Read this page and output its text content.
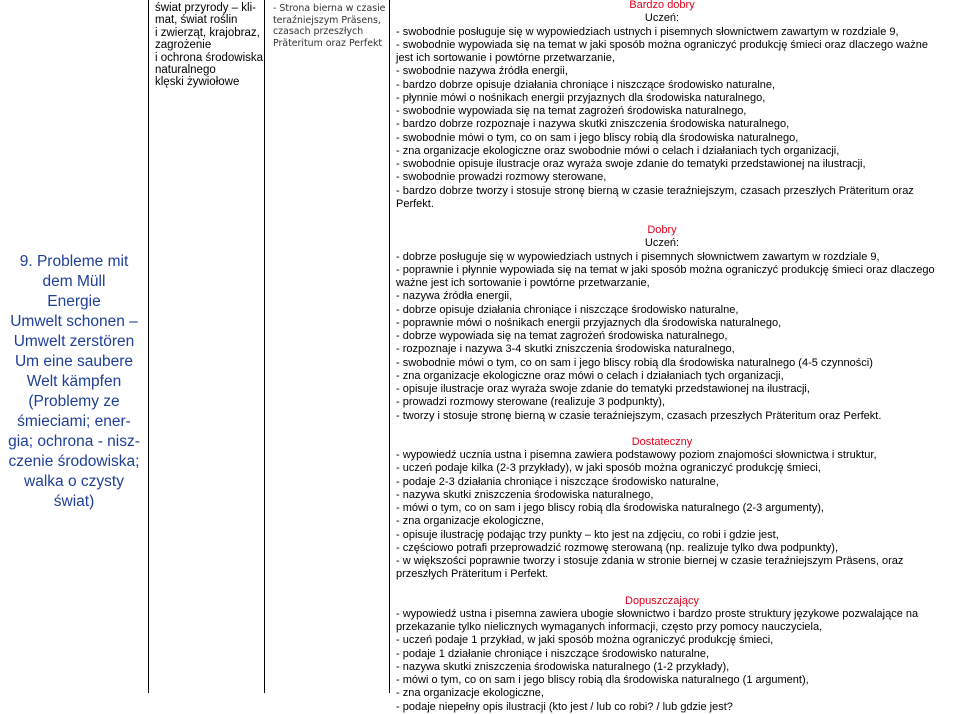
9. Probleme mit
dem Müll
Energie
Umwelt schonen –
Umwelt zerstören
Um eine saubere
Welt kämpfen
(Problemy ze
śmieciami; ener-
gia; ochrona - nisz-
czenie środowiska;
walka o czysty
świat)
świat przyrody – kli-
mat, świat roślin
i zwierząt, krajobraz,
zagrożenie
i ochrona środowiska
naturalnego
klęski żywiołowe
- Strona bierna w czasie
teraźniejszym Präsens,
czasach przeszłych
Präteritum oraz Perfekt
Bardzo dobry
Uczeń:
- swobodnie posługuje się w wypowiedziach ustnych i pisemnych słownictwem zawartym w rozdziale 9,
- swobodnie wypowiada się na temat w jaki sposób można ograniczyć produkcję śmieci oraz dlaczego ważne
jest ich sortowanie i powtórne przetwarzanie,
- swobodnie nazywa źródła energii,
- bardzo dobrze opisuje działania chroniące i niszczące środowisko naturalne,
- płynnie mówi o nośnikach energii przyjaznych dla środowiska naturalnego,
- swobodnie wypowiada się na temat zagrożeń środowiska naturalnego,
- bardzo dobrze rozpoznaje i nazywa skutki zniszczenia środowiska naturalnego,
- swobodnie mówi o tym, co on sam i jego bliscy robią dla środowiska naturalnego,
- zna organizacje ekologiczne oraz swobodnie mówi o celach i działaniach tych organizacji,
- swobodnie opisuje ilustracje oraz wyraża swoje zdanie do tematyki przedstawionej na ilustracji,
- swobodnie prowadzi rozmowy sterowane,
- bardzo dobrze tworzy i stosuje stronę bierną w czasie teraźniejszym, czasach przeszłych Präteritum oraz
Perfekt.
Dobry
Uczeń:
- dobrze posługuje się w wypowiedziach ustnych i pisemnych słownictwem zawartym w rozdziale 9,
- poprawnie i płynnie wypowiada się na temat w jaki sposób można ograniczyć produkcję śmieci oraz dlaczego
ważne jest ich sortowanie i powtórne przetwarzanie,
- nazywa źródła energii,
- dobrze opisuje działania chroniące i niszczące środowisko naturalne,
- poprawnie mówi o nośnikach energii przyjaznych dla środowiska naturalnego,
- dobrze wypowiada się na temat zagrożeń środowiska naturalnego,
- rozpoznaje i nazywa 3-4 skutki zniszczenia środowiska naturalnego,
- swobodnie mówi o tym, co on sam i jego bliscy robią dla środowiska naturalnego (4-5 czynności)
- zna organizacje ekologiczne oraz mówi o celach i działaniach tych organizacji,
- opisuje ilustracje oraz wyraża swoje zdanie do tematyki przedstawionej na ilustracji,
- prowadzi rozmowy sterowane (realizuje 3 podpunkty),
- tworzy i stosuje stronę bierną w czasie teraźniejszym, czasach przeszłych Präteritum oraz Perfekt.
Dostateczny
- wypowiedź ucznia ustna i pisemna zawiera podstawowy poziom znajomości słownictwa i struktur,
- uczeń podaje kilka (2-3 przykłady), w jaki sposób można ograniczyć produkcję śmieci,
- podaje 2-3 działania chroniące i niszczące środowisko naturalne,
- nazywa skutki zniszczenia środowiska naturalnego,
- mówi o tym, co on sam i jego bliscy robią dla środowiska naturalnego (2-3 argumenty),
- zna organizacje ekologiczne,
- opisuje ilustrację podając trzy punkty – kto jest na zdjęciu, co robi i gdzie jest,
- częściowo potrafi przeprowadzić rozmowę sterowaną (np. realizuje tylko dwa podpunkty),
- w większości poprawnie tworzy i stosuje zdania w stronie biernej w czasie teraźniejszym Präsens, oraz
przeszłych Präteritum i Perfekt.
Dopuszczający
- wypowiedź ustna i pisemna zawiera ubogie słownictwo i bardzo proste struktury językowe pozwalające na
przekazanie tylko nielicznych wymaganych informacji, często przy pomocy nauczyciela,
- uczeń podaje 1 przykład, w jaki sposób można ograniczyć produkcję śmieci,
- podaje 1 działanie chroniące i niszczące środowisko naturalne,
- nazywa skutki zniszczenia środowiska naturalnego (1-2 przykłady),
- mówi o tym, co on sam i jego bliscy robią dla środowiska naturalnego (1 argument),
- zna organizacje ekologiczne,
- podaje niepełny opis ilustracji (kto jest / lub co robi? / lub gdzie jest?
